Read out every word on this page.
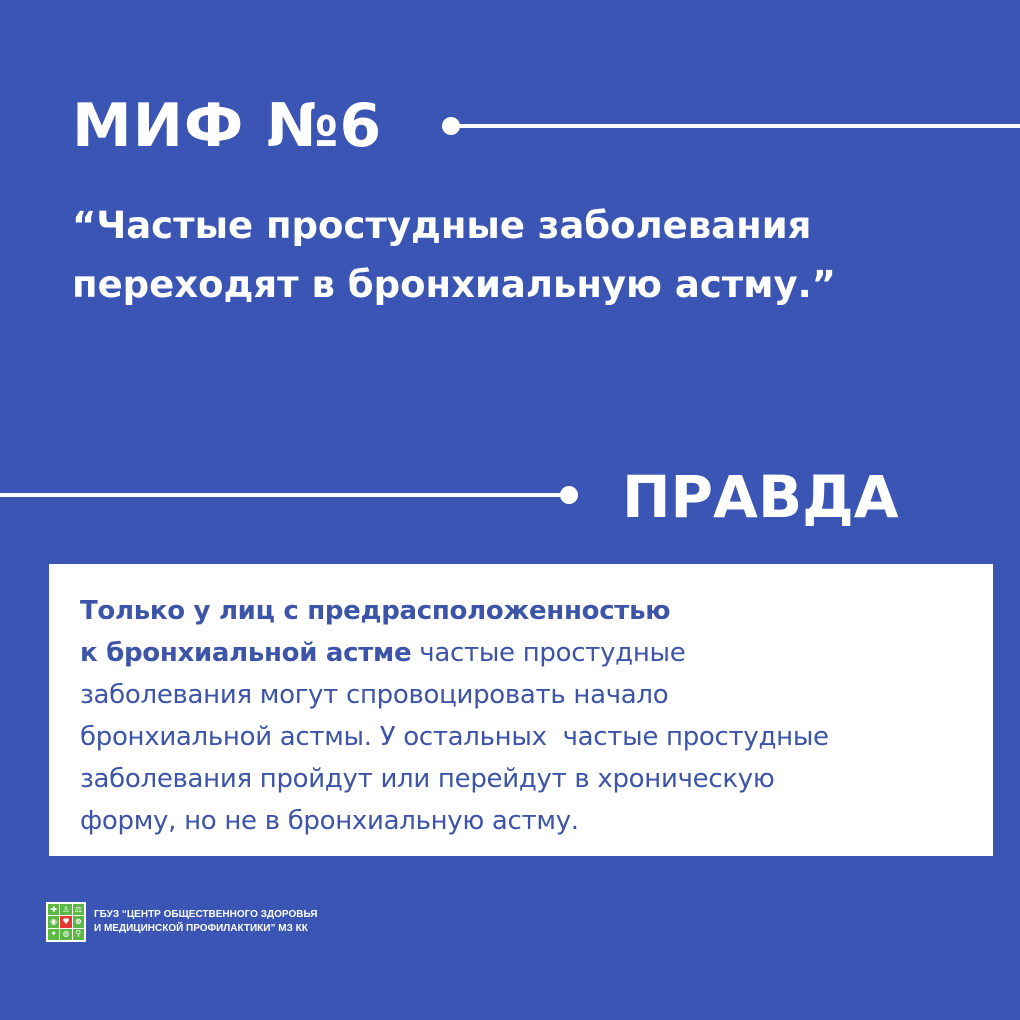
МИФ №6
“Частые простудные заболевания
переходят в бронхиальную астму.”
ПРАВДА
Только у лиц с предрасположенностью
к бронхиальной астме частые простудные
заболевания могут спровоцировать начало
бронхиальной астмы. У остальных  частые простудные
заболевания пройдут или перейдут в хроническую
форму, но не в бронхиальную астму.
✚ ♙ ⚖
◉ ♥ ⊗
✦ ◍ ⚲
ГБУЗ “ЦЕНТР ОБЩЕСТВЕННОГО ЗДОРОВЬЯ
И МЕДИЦИНСКОЙ ПРОФИЛАКТИКИ” МЗ КК
